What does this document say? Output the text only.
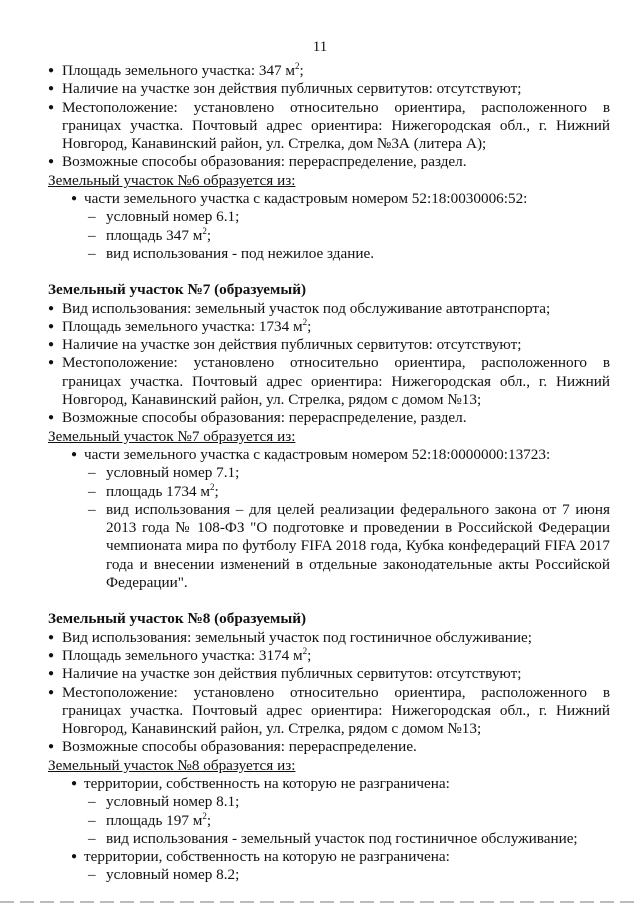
11
● Площадь земельного участка: 347 $м^2$;
● Наличие на участке зон действия публичных сервитутов: отсутствуют;
● Местоположение: установлено относительно ориентира, расположенного в границах участка. Почтовый адрес ориентира: Нижегородская обл., г. Нижний Новгород, Канавинский район, ул. Стрелка, дом №3А (литера А);
● Возможные способы образования: перераспределение, раздел.
Земельный участок №6 образуется из:
● части земельного участка с кадастровым номером 52:18:0030006:52:
– условный номер 6.1;
– площадь 347 $м^2$;
– вид использования - под нежилое здание.
Земельный участок №7 (образуемый)
● Вид использования: земельный участок под обслуживание автотранспорта;
● Площадь земельного участка: 1734 $м^2$;
● Наличие на участке зон действия публичных сервитутов: отсутствуют;
● Местоположение: установлено относительно ориентира, расположенного в границах участка. Почтовый адрес ориентира: Нижегородская обл., г. Нижний Новгород, Канавинский район, ул. Стрелка, рядом с домом №13;
● Возможные способы образования: перераспределение, раздел.
Земельный участок №7 образуется из:
● части земельного участка с кадастровым номером 52:18:0000000:13723:
– условный номер 7.1;
– площадь 1734 $м^2$;
– вид использования – для целей реализации федерального закона от 7 июня 2013 года № 108-ФЗ "О подготовке и проведении в Российской Федерации чемпионата мира по футболу FIFA 2018 года, Кубка конфедераций FIFA 2017 года и внесении изменений в отдельные законодательные акты Российской Федерации".
Земельный участок №8 (образуемый)
● Вид использования: земельный участок под гостиничное обслуживание;
● Площадь земельного участка: 3174 $м^2$;
● Наличие на участке зон действия публичных сервитутов: отсутствуют;
● Местоположение: установлено относительно ориентира, расположенного в границах участка. Почтовый адрес ориентира: Нижегородская обл., г. Нижний Новгород, Канавинский район, ул. Стрелка, рядом с домом №13;
● Возможные способы образования: перераспределение.
Земельный участок №8 образуется из:
● территории, собственность на которую не разграничена:
– условный номер 8.1;
– площадь 197 $м^2$;
– вид использования - земельный участок под гостиничное обслуживание;
● территории, собственность на которую не разграничена:
– условный номер 8.2;
